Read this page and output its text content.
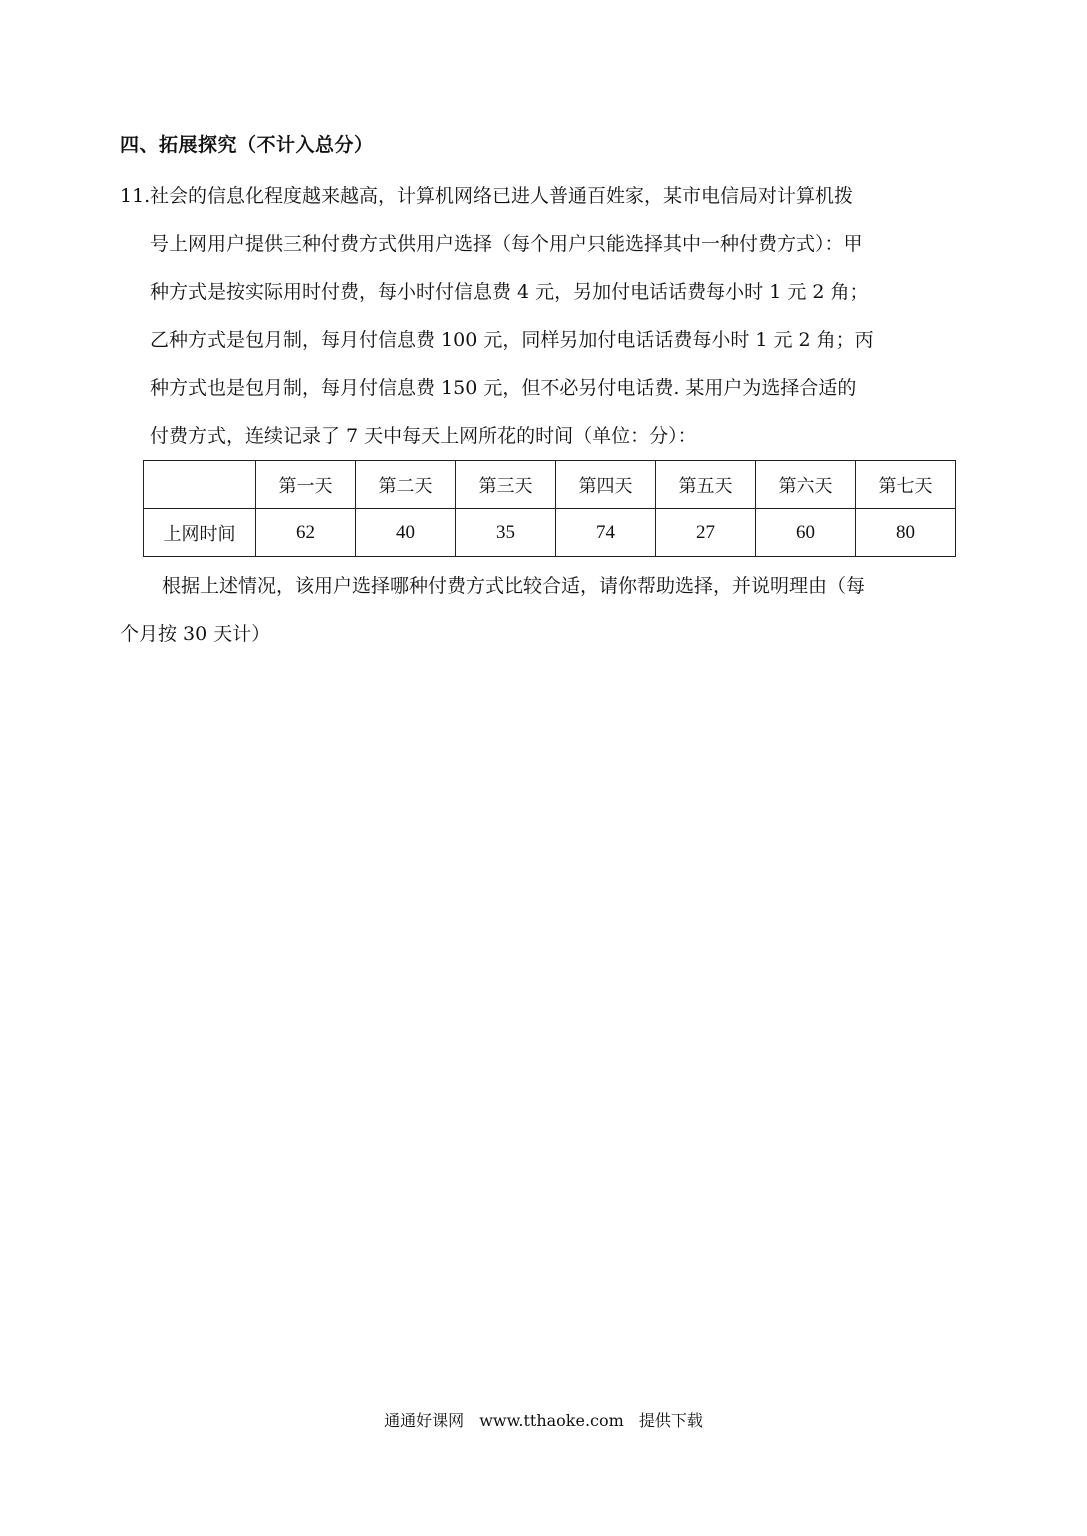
四、拓展探究（不计入总分）
11. 社会的信息化程度越来越高，计算机网络已进人普通百姓家，某市电信局对计算机拨
号上网用户提供三种付费方式供用户选择（每个用户只能选择其中一种付费方式）：甲
种方式是按实际用时付费，每小时付信息费 4 元，另加付电话话费每小时 1 元 2 角；
乙种方式是包月制，每月付信息费 100 元，同样另加付电话话费每小时 1 元 2 角；丙
种方式也是包月制，每月付信息费 150 元，但不必另付电话费. 某用户为选择合适的
付费方式，连续记录了 7 天中每天上网所花的时间（单位：分）：
	第一天	第二天	第三天	第四天	第五天	第六天	第七天
上网时间	62	40	35	74	27	60	80
根据上述情况，该用户选择哪种付费方式比较合适，请你帮助选择，并说明理由（每
个月按 30 天计）
通通好课网 www.tthaoke.com 提供下载
